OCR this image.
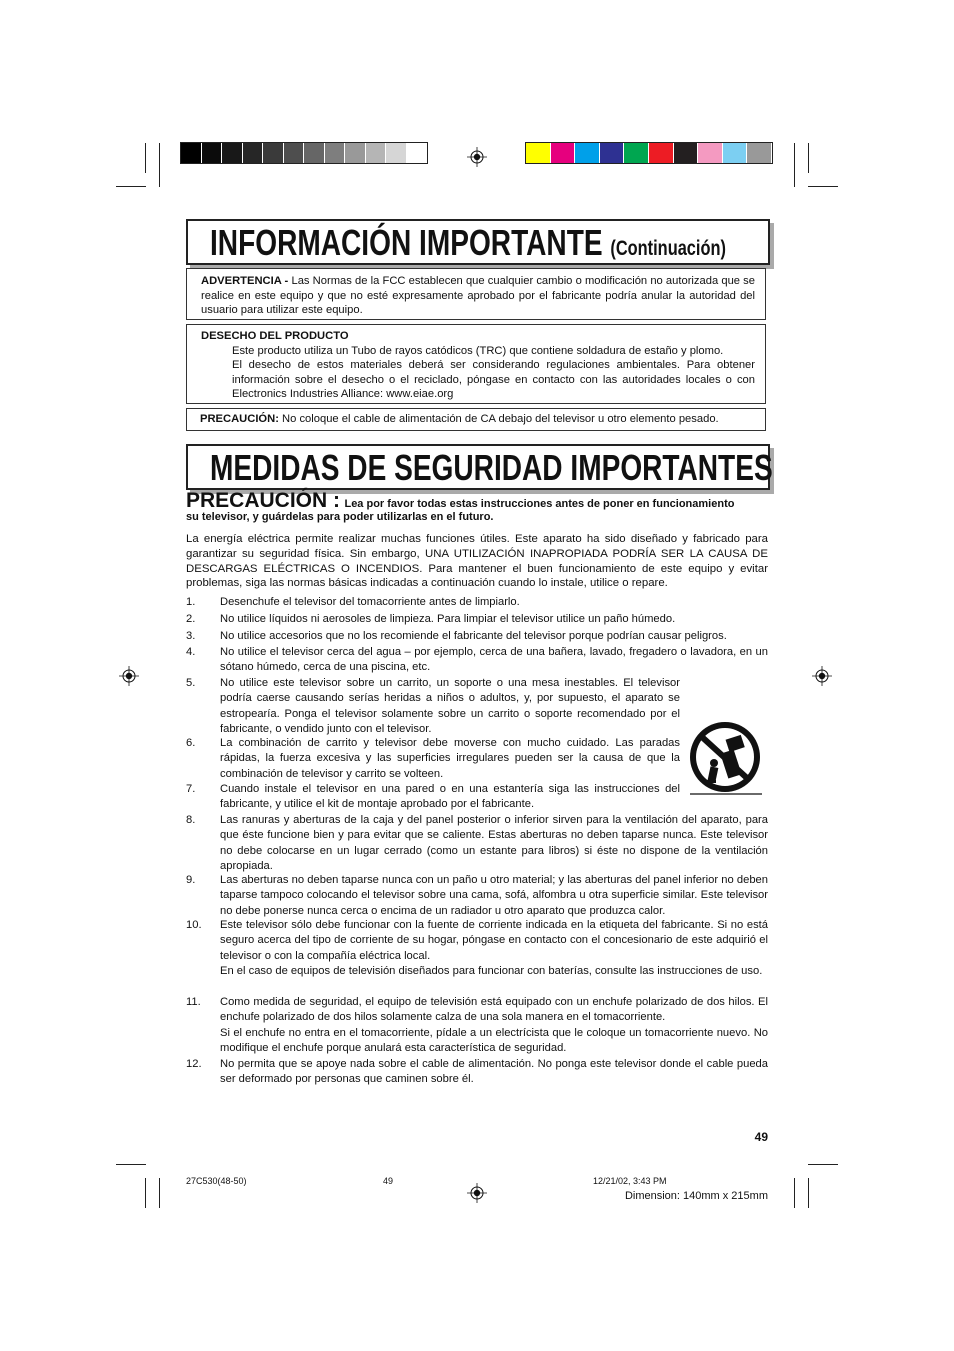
INFORMACIÓN IMPORTANTE (Continuación)

ADVERTENCIA - Las Normas de la FCC establecen que cualquier cambio o modificación no autorizada que se realice en este equipo y que no esté expresamente aprobado por el fabricante podría anular la autoridad del usuario para utilizar este equipo.

DESECHO DEL PRODUCTO

Este producto utiliza un Tubo de rayos catódicos (TRC) que contiene soldadura de estaño y plomo.

El desecho de estos materiales deberá ser considerando regulaciones ambientales. Para obtener información sobre el desecho o el reciclado, póngase en contacto con las autoridades locales o con Electronics Industries Alliance: www.eiae.org

PRECAUCIÓN: No coloque el cable de alimentación de CA debajo del televisor u otro elemento pesado.

MEDIDAS DE SEGURIDAD IMPORTANTES
PRECAUCIÓN : Lea por favor todas estas instrucciones antes de poner en funcionamiento
su televisor, y guárdelas para poder utilizarlas en el futuro.
La energía eléctrica permite realizar muchas funciones útiles. Este aparato ha sido diseñado y fabricado para garantizar su seguridad física. Sin embargo, UNA UTILIZACIÓN INAPROPIADA PODRÍA SER LA CAUSA DE DESCARGAS ELÉCTRICAS O INCENDIOS. Para mantener el buen funcionamiento de este equipo y evitar problemas, siga las normas básicas indicadas a continuación cuando lo instale, utilice o repare.
1. Desenchufe el televisor del tomacorriente antes de limpiarlo.

2. No utilice líquidos ni aerosoles de limpieza. Para limpiar el televisor utilice un paño húmedo.

3. No utilice accesorios que no los recomiende el fabricante del televisor porque podrían causar peligros.

4. No utilice el televisor cerca del agua – por ejemplo, cerca de una bañera, lavado, fregadero o lavadora, en un sótano húmedo, cerca de una piscina, etc.

5. No utilice este televisor sobre un carrito, un soporte o una mesa inestables. El televisor podría caerse causando serías heridas a niños o adultos, y, por supuesto, el aparato se estropearía. Ponga el televisor solamente sobre un carrito o soporte recomendado por el fabricante, o vendido junto con el televisor.

6. La combinación de carrito y televisor debe moverse con mucho cuidado. Las paradas rápidas, la fuerza excesiva y las superficies irregulares pueden ser la causa de que la combinación de televisor y carrito se volteen.

7. Cuando instale el televisor en una pared o en una estantería siga las instrucciones del fabricante, y utilice el kit de montaje aprobado por el fabricante.

8. Las ranuras y aberturas de la caja y del panel posterior o inferior sirven para la ventilación del aparato, para que éste funcione bien y para evitar que se caliente. Estas aberturas no deben taparse nunca. Este televisor no debe colocarse en un lugar cerrado (como un estante para libros) si éste no dispone de la ventilación apropiada.

9. Las aberturas no deben taparse nunca con un paño u otro material; y las aberturas del panel inferior no deben taparse tampoco colocando el televisor sobre una cama, sofá, alfombra u otra superficie similar. Este televisor no debe ponerse nunca cerca o encima de un radiador u otro aparato que produzca calor.

10. Este televisor sólo debe funcionar con la fuente de corriente indicada en la etiqueta del fabricante. Si no está seguro acerca del tipo de corriente de su hogar, póngase en contacto con el concesionario de este adquirió el televisor o con la compañía eléctrica local.

En el caso de equipos de televisión diseñados para funcionar con baterías, consulte las instrucciones de uso.

11. Como medida de seguridad, el equipo de televisión está equipado con un enchufe polarizado de dos hilos. El enchufe polarizado de dos hilos solamente calza de una sola manera en el tomacorriente.

Si el enchufe no entra en el tomacorriente, pídale a un electrícista que le coloque un tomacorriente nuevo. No modifique el enchufe porque anulará esta característica de seguridad.

12. No permita que se apoye nada sobre el cable de alimentación. No ponga este televisor donde el cable pueda ser deformado por personas que caminen sobre él.

49
27C530(48-50)	49	12/21/02, 3:43 PM
Dimension: 140mm x 215mm
